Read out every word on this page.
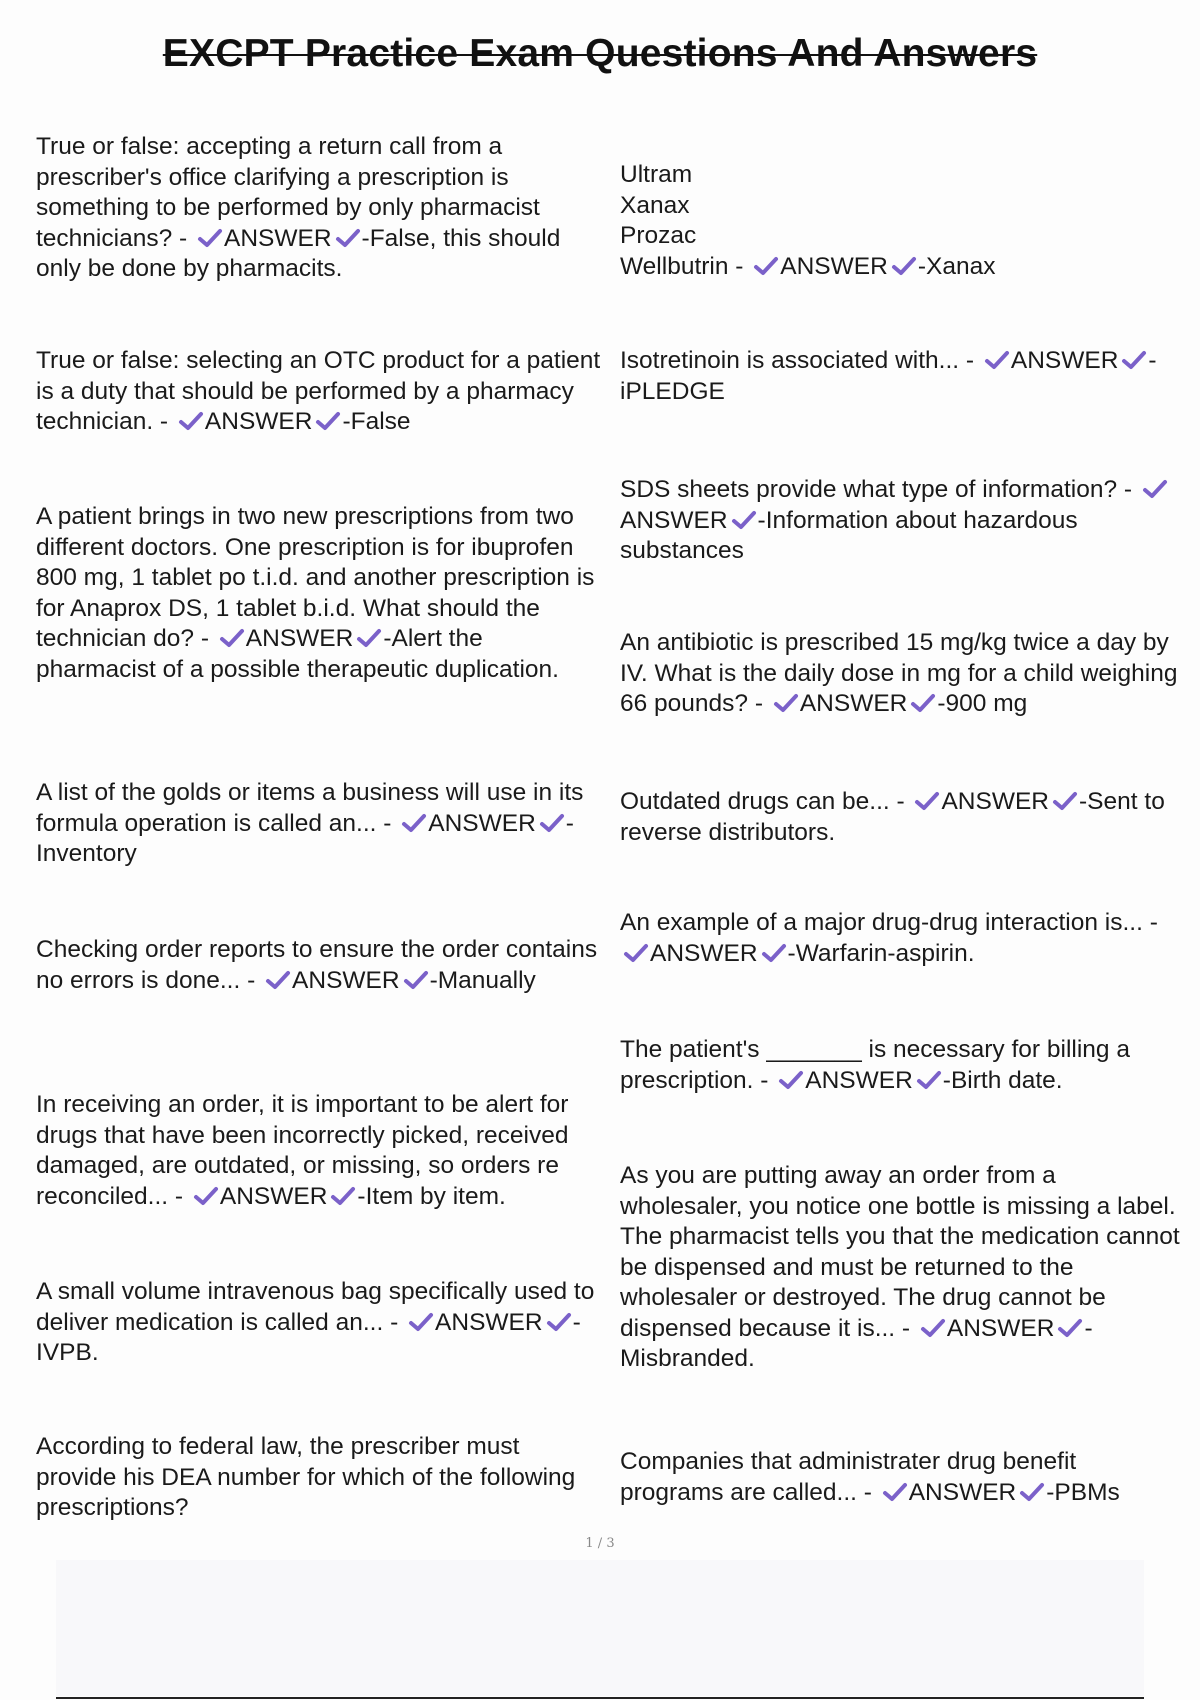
EXCPT Practice Exam Questions And Answers
True or false: accepting a return call from a prescriber's office clarifying a prescription is something to be performed by only pharmacist technicians? - ANSWER -False, this should only be done by pharmacits.
True or false: selecting an OTC product for a patient is a duty that should be performed by a pharmacy technician. - ANSWER -False
A patient brings in two new prescriptions from two different doctors. One prescription is for ibuprofen 800 mg, 1 tablet po t.i.d. and another prescription is for Anaprox DS, 1 tablet b.i.d. What should the technician do? - ANSWER -Alert the pharmacist of a possible therapeutic duplication.
A list of the golds or items a business will use in its formula operation is called an... - ANSWER -Inventory
Checking order reports to ensure the order contains no errors is done... - ANSWER -Manually
In receiving an order, it is important to be alert for drugs that have been incorrectly picked, received damaged, are outdated, or missing, so orders re reconciled... - ANSWER -Item by item.
A small volume intravenous bag specifically used to deliver medication is called an... - ANSWER -IVPB.
According to federal law, the prescriber must provide his DEA number for which of the following prescriptions?
Ultram
Xanax
Prozac
Wellbutrin - ANSWER -Xanax
Isotretinoin is associated with... - ANSWER -iPLEDGE
SDS sheets provide what type of information? -
ANSWER -Information about hazardous substances
An antibiotic is prescribed 15 mg/kg twice a day by IV. What is the daily dose in mg for a child weighing 66 pounds? - ANSWER -900 mg
Outdated drugs can be... - ANSWER -Sent to reverse distributors.
An example of a major drug-drug interaction is... -
ANSWER -Warfarin-aspirin.
The patient's _______ is necessary for billing a prescription. - ANSWER -Birth date.
As you are putting away an order from a wholesaler, you notice one bottle is missing a label. The pharmacist tells you that the medication cannot be dispensed and must be returned to the wholesaler or destroyed. The drug cannot be dispensed because it is... - ANSWER -Misbranded.
Companies that administrater drug benefit programs are called... - ANSWER -PBMs
1 / 3
